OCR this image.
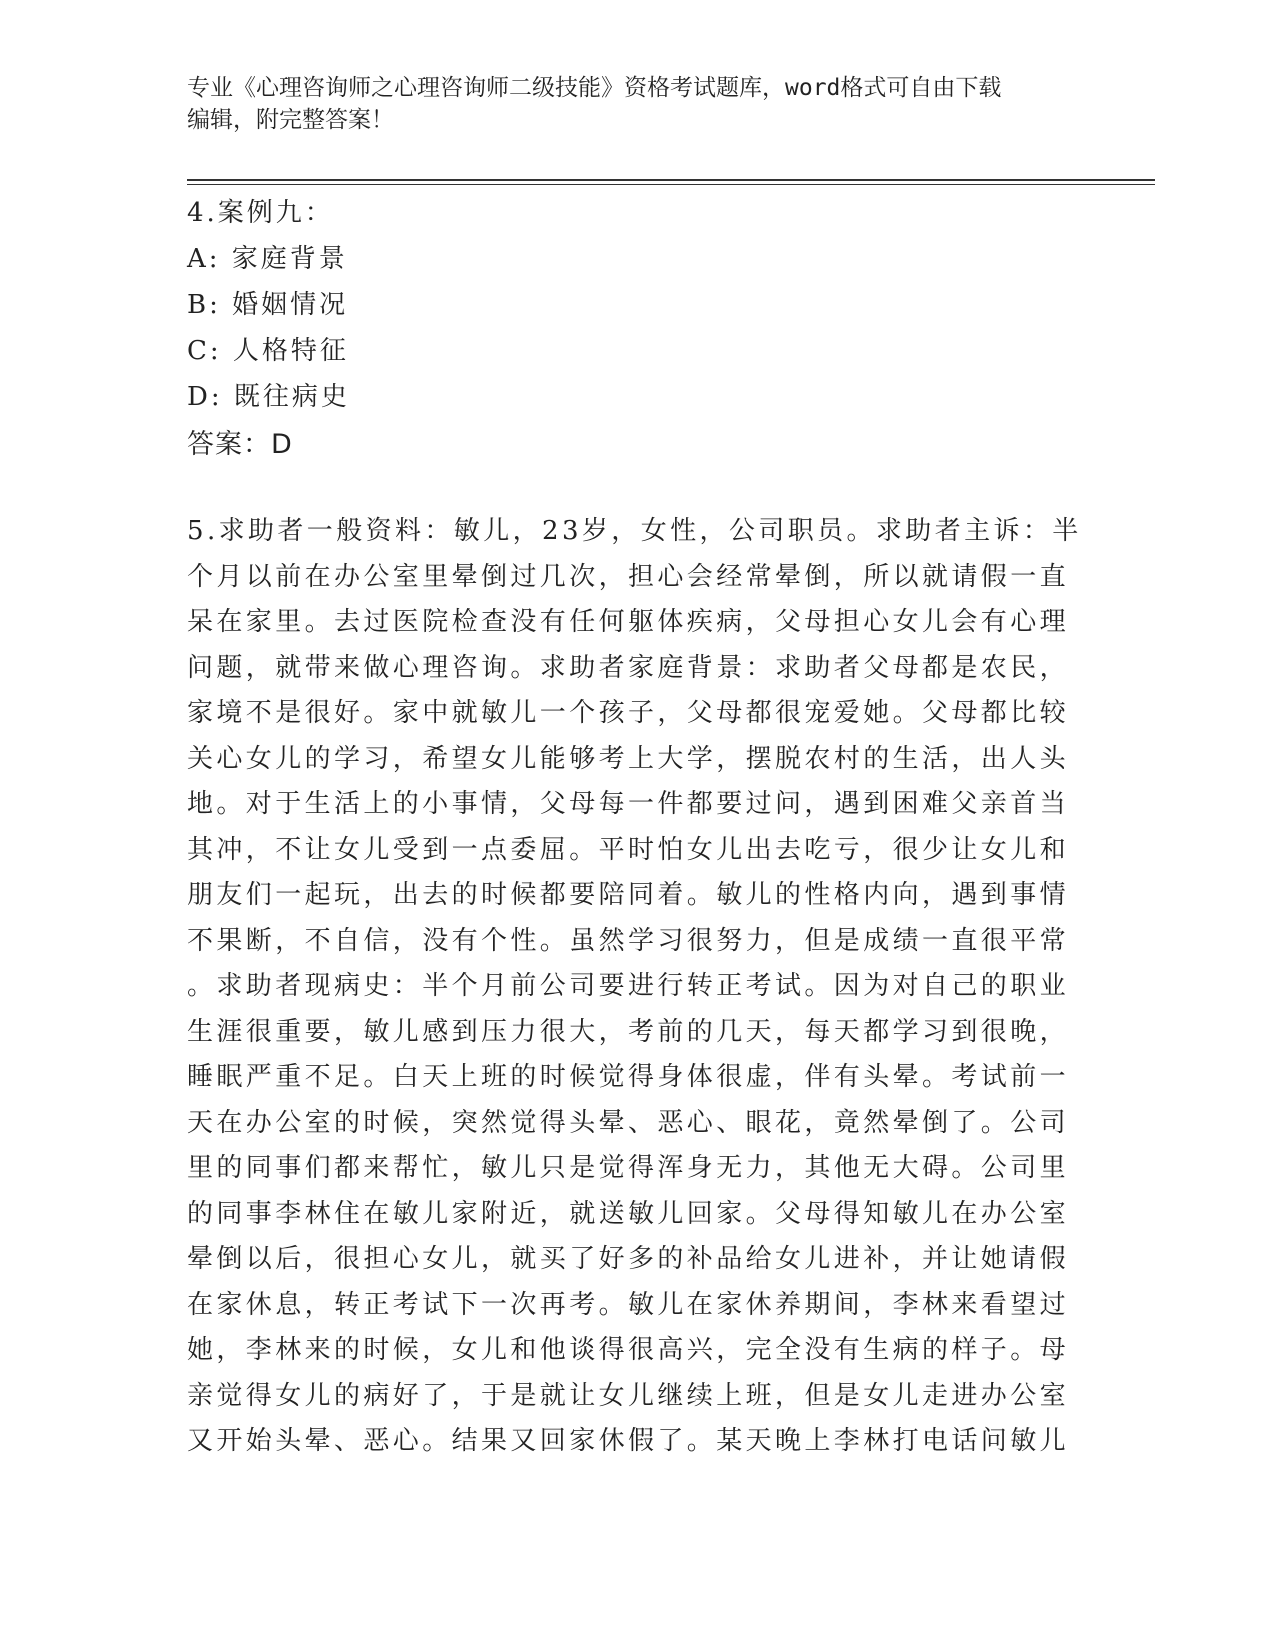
专业《心理咨询师之心理咨询师二级技能》资格考试题库，word格式可自由下载
编辑，附完整答案！
4.案例九：
A: 家庭背景
B: 婚姻情况
C: 人格特征
D: 既往病史
答案：D
5.求助者一般资料：敏儿，23岁，女性，公司职员。求助者主诉：半
个月以前在办公室里晕倒过几次，担心会经常晕倒，所以就请假一直
呆在家里。去过医院检查没有任何躯体疾病，父母担心女儿会有心理
问题，就带来做心理咨询。求助者家庭背景：求助者父母都是农民，
家境不是很好。家中就敏儿一个孩子，父母都很宠爱她。父母都比较
关心女儿的学习，希望女儿能够考上大学，摆脱农村的生活，出人头
地。对于生活上的小事情，父母每一件都要过问，遇到困难父亲首当
其冲，不让女儿受到一点委屈。平时怕女儿出去吃亏，很少让女儿和
朋友们一起玩，出去的时候都要陪同着。敏儿的性格内向，遇到事情
不果断，不自信，没有个性。虽然学习很努力，但是成绩一直很平常
。求助者现病史：半个月前公司要进行转正考试。因为对自己的职业
生涯很重要，敏儿感到压力很大，考前的几天，每天都学习到很晚，
睡眠严重不足。白天上班的时候觉得身体很虚，伴有头晕。考试前一
天在办公室的时候，突然觉得头晕、恶心、眼花，竟然晕倒了。公司
里的同事们都来帮忙，敏儿只是觉得浑身无力，其他无大碍。公司里
的同事李林住在敏儿家附近，就送敏儿回家。父母得知敏儿在办公室
晕倒以后，很担心女儿，就买了好多的补品给女儿进补，并让她请假
在家休息，转正考试下一次再考。敏儿在家休养期间，李林来看望过
她，李林来的时候，女儿和他谈得很高兴，完全没有生病的样子。母
亲觉得女儿的病好了，于是就让女儿继续上班，但是女儿走进办公室
又开始头晕、恶心。结果又回家休假了。某天晚上李林打电话问敏儿
